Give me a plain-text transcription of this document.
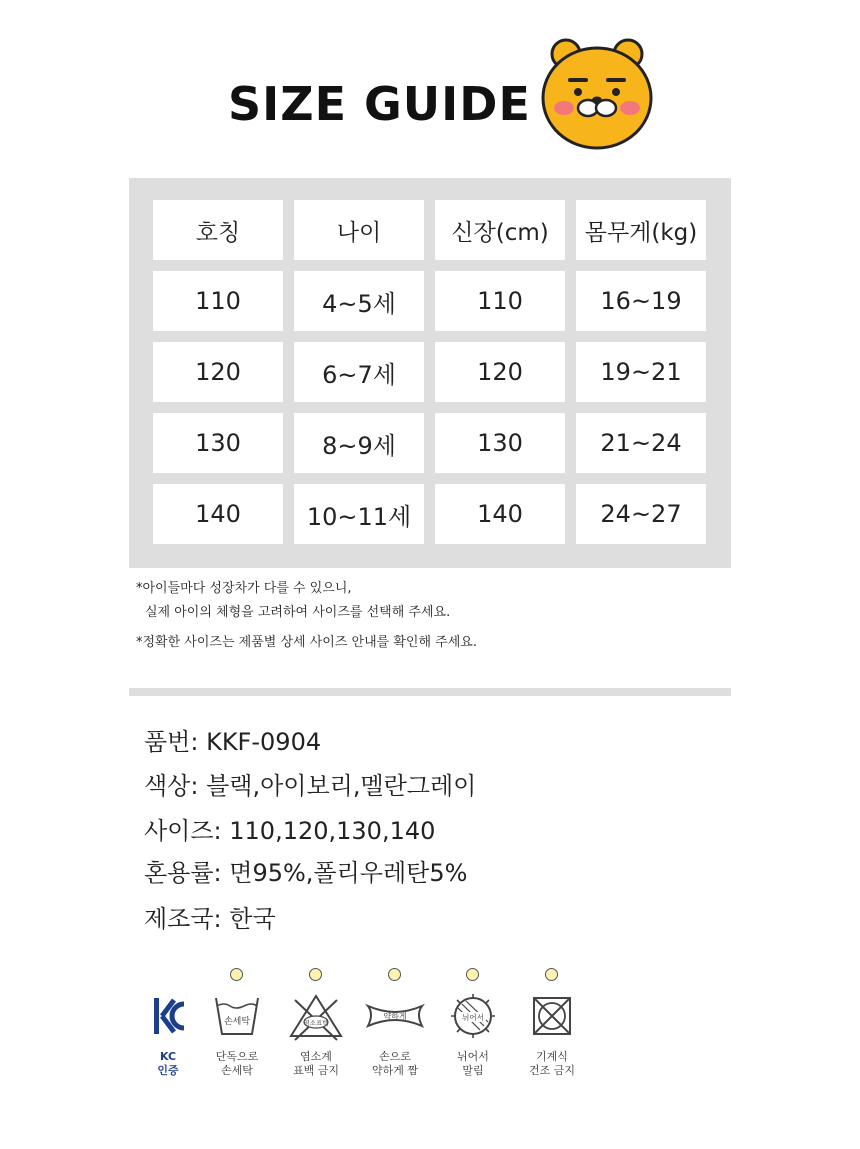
SIZE GUIDE
호칭	나이	신장(cm)	몸무게(kg)
110	4~5세	110	16~19
120	6~7세	120	19~21
130	8~9세	130	21~24
140	10~11세	140	24~27
*아이들마다 성장차가 다를 수 있으니,
실제 아이의 체형을 고려하여 사이즈를 선택해 주세요.
*정확한 사이즈는 제품별 상세 사이즈 안내를 확인해 주세요.
품번: KKF-0904
색상: 블랙,아이보리,멜란그레이
사이즈: 110,120,130,140
혼용률: 면95%,폴리우레탄5%
제조국: 한국
KC
인증
손세탁
단독으로
손세탁
염소표백
염소계
표백 금지
약하게
손으로
약하게 짬
뉘어서
뉘어서
말림
기계식
건조 금지
